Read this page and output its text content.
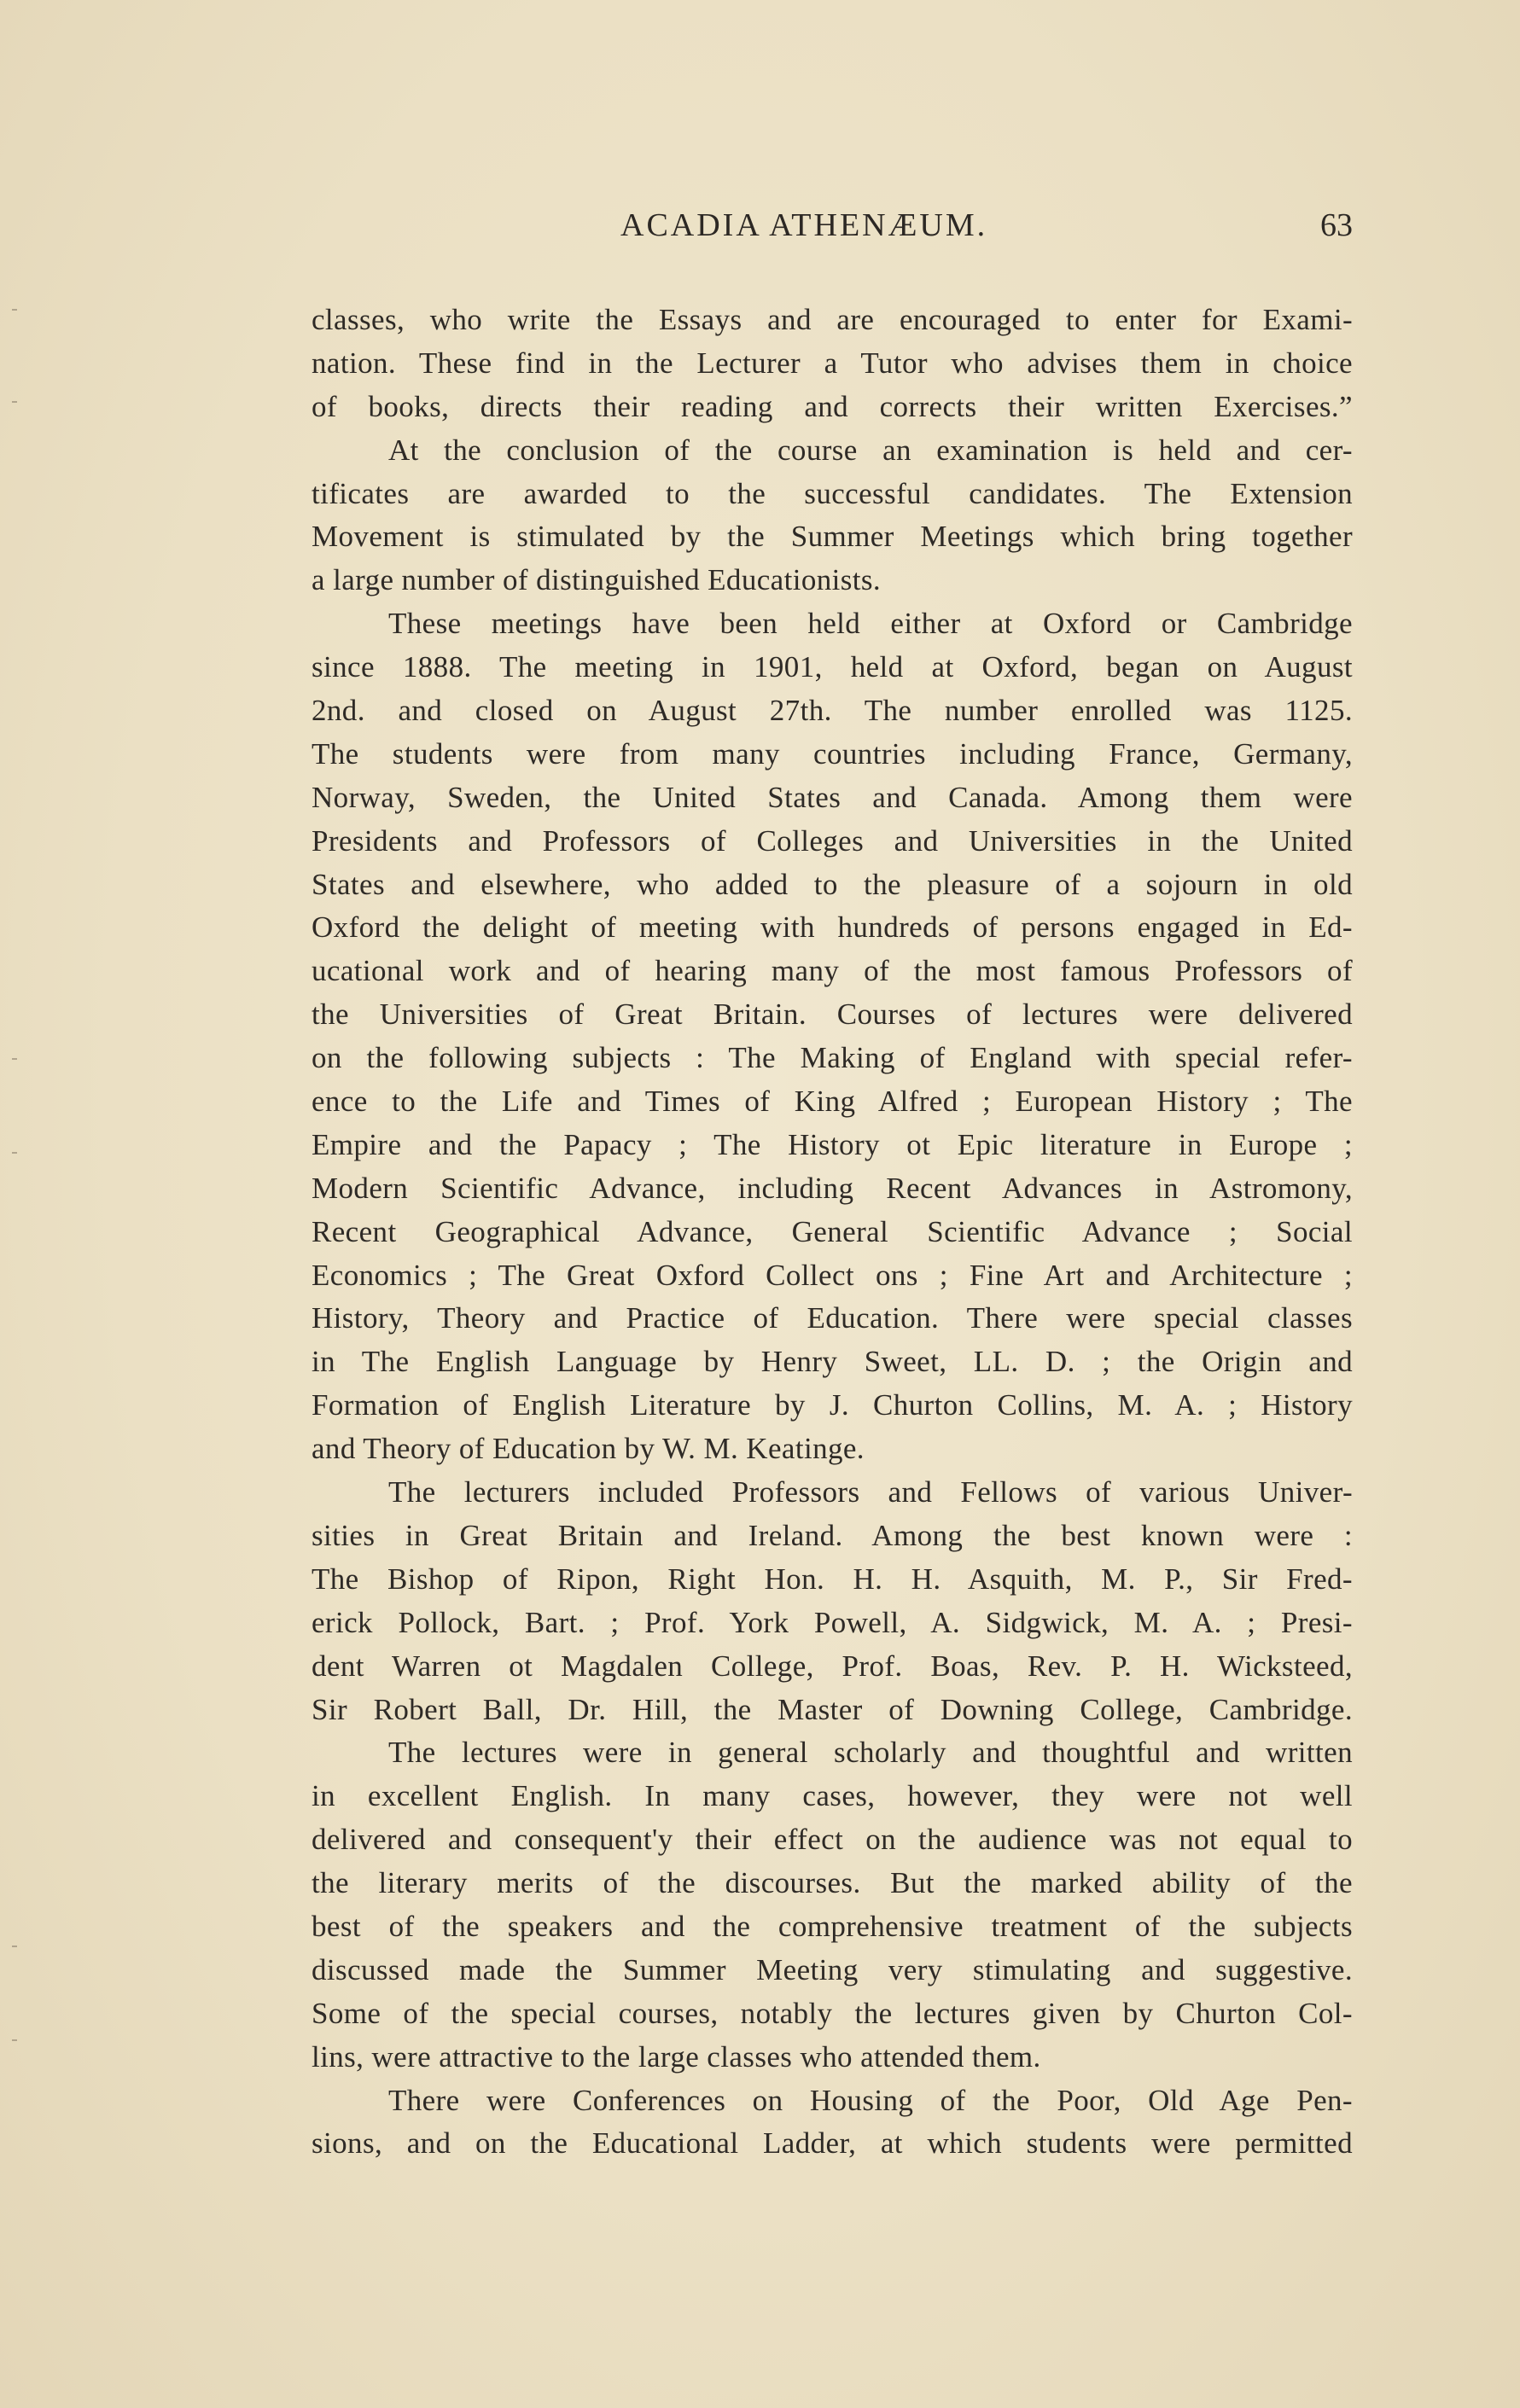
ACADIA ATHENÆUM.	63
classes, who write the Essays and are encouraged to enter for Exami-
nation. These find in the Lecturer a Tutor who advises them in choice
of books, directs their reading and corrects their written Exercises.”
At the conclusion of the course an examination is held and cer-
tificates are awarded to the successful candidates. The Extension
Movement is stimulated by the Summer Meetings which bring together
a large number of distinguished Educationists.
These meetings have been held either at Oxford or Cambridge
since 1888. The meeting in 1901, held at Oxford, began on August
2nd. and closed on August 27th. The number enrolled was 1125.
The students were from many countries including France, Germany,
Norway, Sweden, the United States and Canada. Among them were
Presidents and Professors of Colleges and Universities in the United
States and elsewhere, who added to the pleasure of a sojourn in old
Oxford the delight of meeting with hundreds of persons engaged in Ed-
ucational work and of hearing many of the most famous Professors of
the Universities of Great Britain. Courses of lectures were delivered
on the following subjects : The Making of England with special refer-
ence to the Life and Times of King Alfred ; European History ; The
Empire and the Papacy ; The History ot Epic literature in Europe ;
Modern Scientific Advance, including Recent Advances in Astromony,
Recent Geographical Advance, General Scientific Advance ; Social
Economics ; The Great Oxford Collect ons ; Fine Art and Architecture ;
History, Theory and Practice of Education. There were special classes
in The English Language by Henry Sweet, LL. D. ; the Origin and
Formation of English Literature by J. Churton Collins, M. A. ; History
and Theory of Education by W. M. Keatinge.
The lecturers included Professors and Fellows of various Univer-
sities in Great Britain and Ireland. Among the best known were :
The Bishop of Ripon, Right Hon. H. H. Asquith, M. P., Sir Fred-
erick Pollock, Bart. ; Prof. York Powell, A. Sidgwick, M. A. ; Presi-
dent Warren ot Magdalen College, Prof. Boas, Rev. P. H. Wicksteed,
Sir Robert Ball, Dr. Hill, the Master of Downing College, Cambridge.
The lectures were in general scholarly and thoughtful and written
in excellent English. In many cases, however, they were not well
delivered and consequent'y their effect on the audience was not equal to
the literary merits of the discourses. But the marked ability of the
best of the speakers and the comprehensive treatment of the subjects
discussed made the Summer Meeting very stimulating and suggestive.
Some of the special courses, notably the lectures given by Churton Col-
lins, were attractive to the large classes who attended them.
There were Conferences on Housing of the Poor, Old Age Pen-
sions, and on the Educational Ladder, at which students were permitted
